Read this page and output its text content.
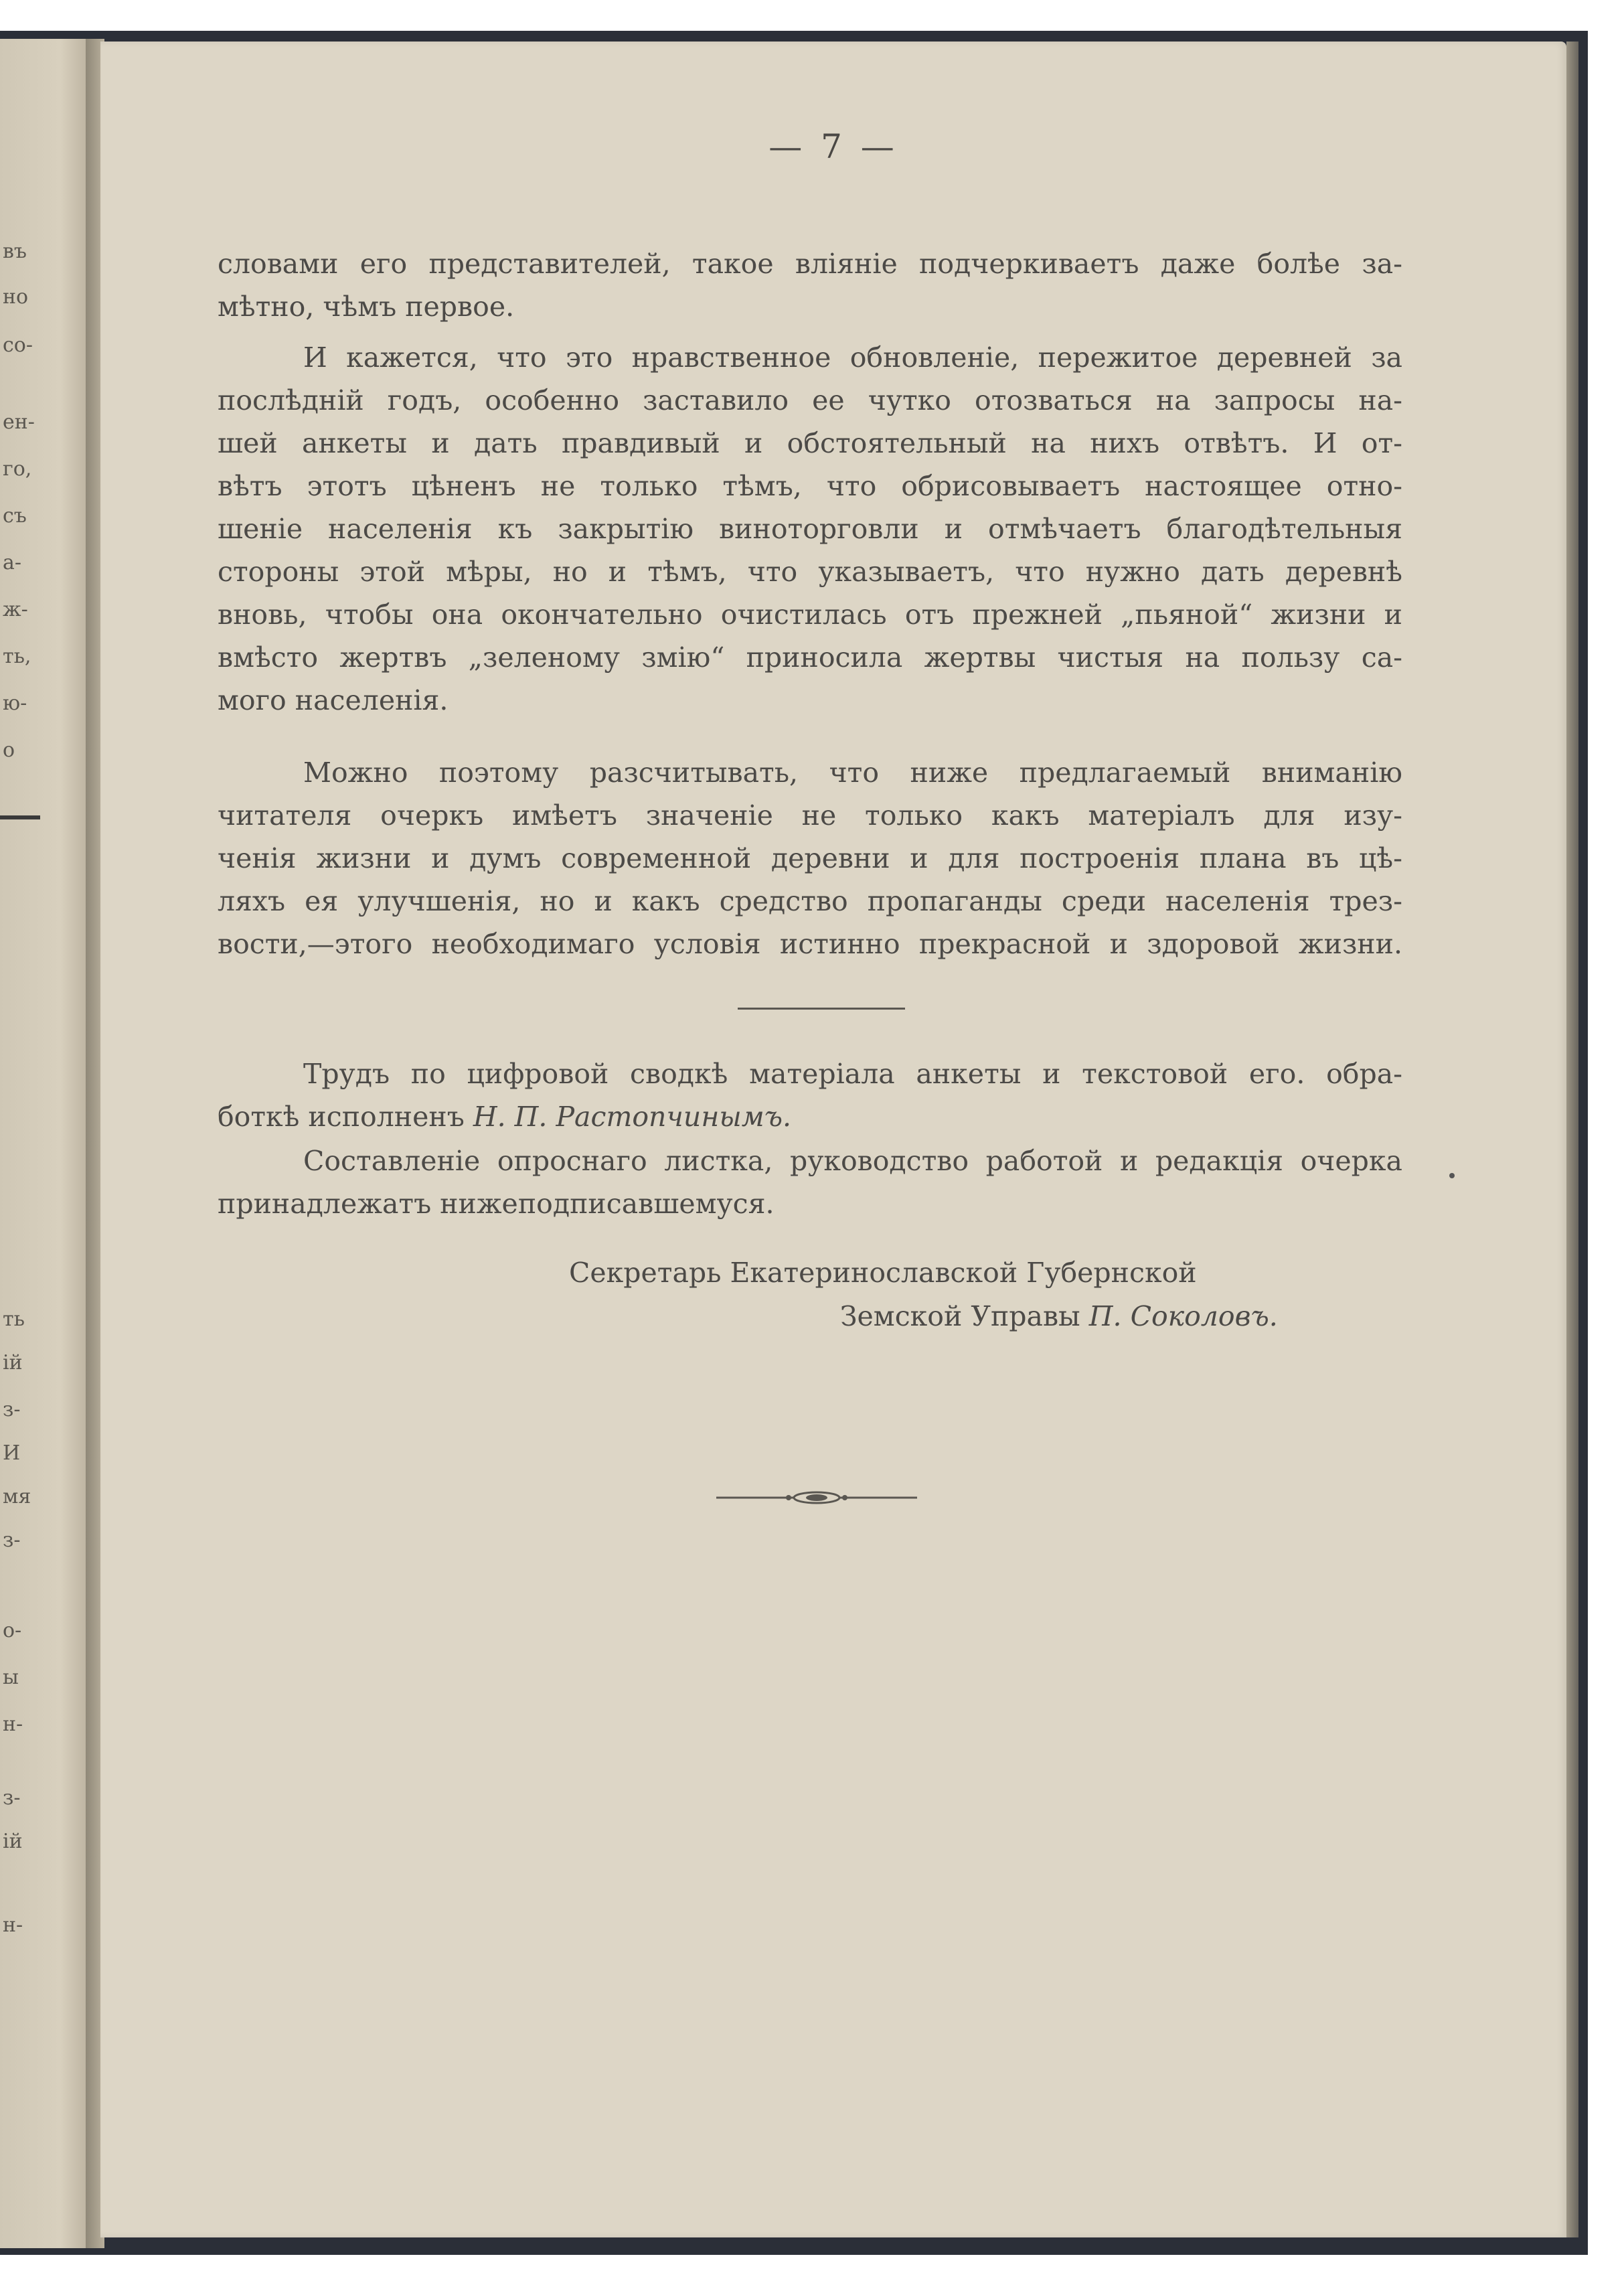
въ
но
со-
ен-
го,
съ
а-
ж-
ть,
ю-
о
ть
ій
з-
И
мя
з-
о-
ы
н-
з-
ій
н-
— 7 —
словами его представителей, такое вліяніе подчеркиваетъ даже болѣе за-
мѣтно, чѣмъ первое.
И кажется, что это нравственное обновленіе, пережитое деревней за
послѣдній годъ, особенно заставило ее чутко отозваться на запросы на-
шей анкеты и дать правдивый и обстоятельный на нихъ отвѣтъ. И от-
вѣтъ этотъ цѣненъ не только тѣмъ, что обрисовываетъ настоящее отно-
шеніе населенія къ закрытію виноторговли и отмѣчаетъ благодѣтельныя
стороны этой мѣры, но и тѣмъ, что указываетъ, что нужно дать деревнѣ
вновь, чтобы она окончательно очистилась отъ прежней „пьяной“ жизни и
вмѣсто жертвъ „зеленому змію“ приносила жертвы чистыя на пользу са-
мого населенія.
Можно поэтому разсчитывать, что ниже предлагаемый вниманію
читателя очеркъ имѣетъ значеніе не только какъ матеріалъ для изу-
ченія жизни и думъ современной деревни и для построенія плана въ цѣ-
ляхъ ея улучшенія, но и какъ средство пропаганды среди населенія трез-
вости,—этого необходимаго условія истинно прекрасной и здоровой жизни.
Трудъ по цифровой сводкѣ матеріала анкеты и текстовой его. обра-
боткѣ исполненъ Н. П. Растопчинымъ.
Составленіе опроснаго листка, руководство работой и редакція очерка
принадлежатъ нижеподписавшемуся.
Секретарь Екатеринославской Губернской
Земской Управы П. Соколовъ.
